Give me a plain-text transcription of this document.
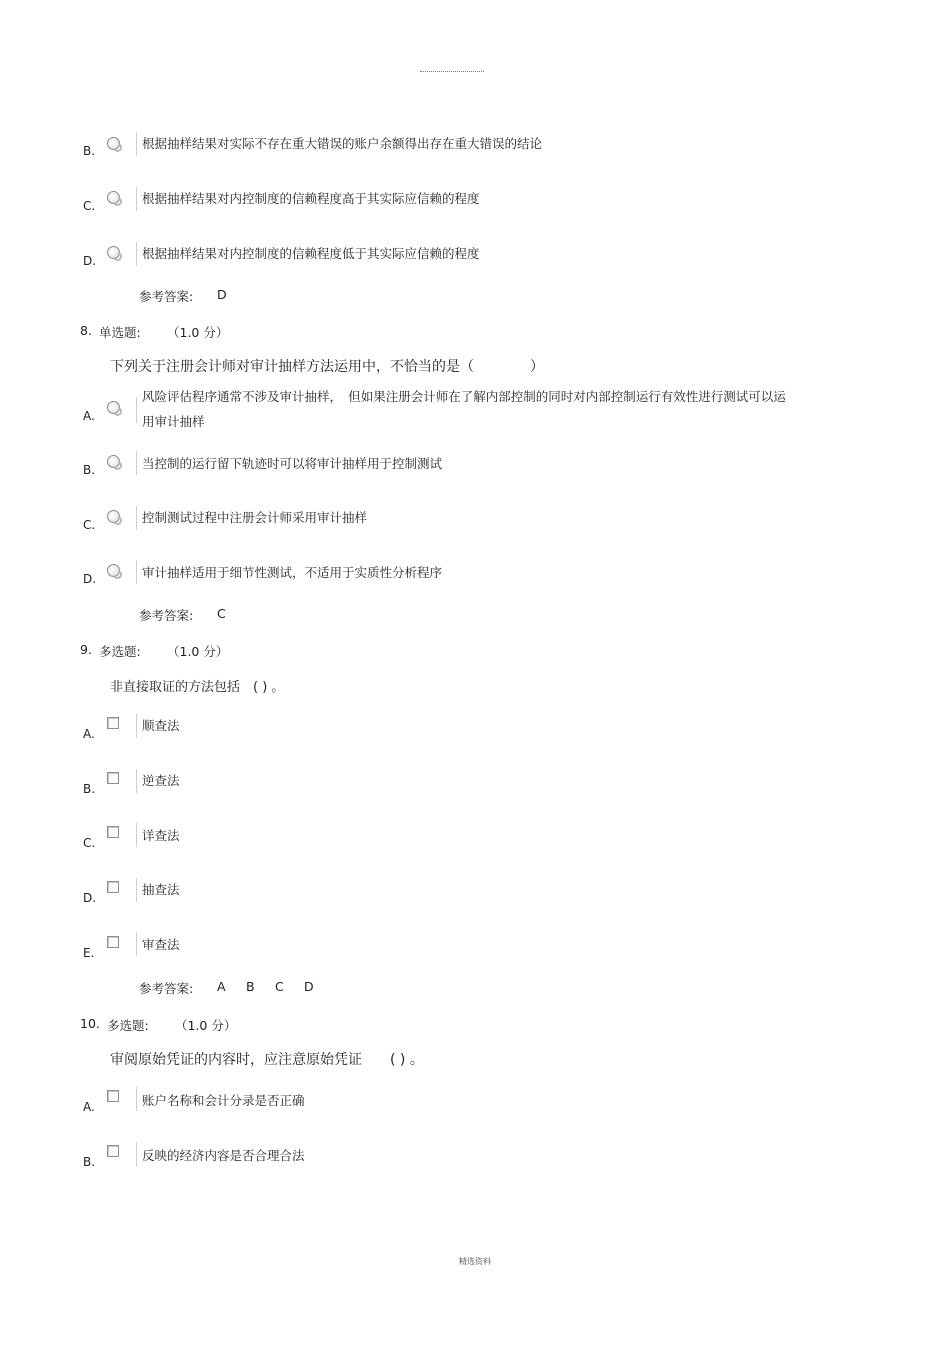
B.	根据抽样结果对实际不存在重大错误的账户余额得出存在重大错误的结论
C.	根据抽样结果对内控制度的信赖程度高于其实际应信赖的程度
D.	根据抽样结果对内控制度的信赖程度低于其实际应信赖的程度
参考答案: D
8. 单选题: （1.0 分）
下列关于注册会计师对审计抽样方法运用中，不恰当的是（　　　　）
A.
风险评估程序通常不涉及审计抽样，　但如果注册会计师在了解内部控制的同时对内部控制运行有效性进行测试可以运
用审计抽样
B.	当控制的运行留下轨迹时可以将审计抽样用于控制测试
C.	控制测试过程中注册会计师采用审计抽样
D.	审计抽样适用于细节性测试，不适用于实质性分析程序
参考答案: C
9. 多选题: （1.0 分）
非直接取证的方法包括　( ) 。
A.
顺查法
B.
逆查法
C.	详查法
D.
抽查法
E.
审查法
参考答案: A B C D
10. 多选题: （1.0 分）
审阅原始凭证的内容时，应注意原始凭证　　( ) 。
A.	账户名称和会计分录是否正确
B.	反映的经济内容是否合理合法
精选资料
